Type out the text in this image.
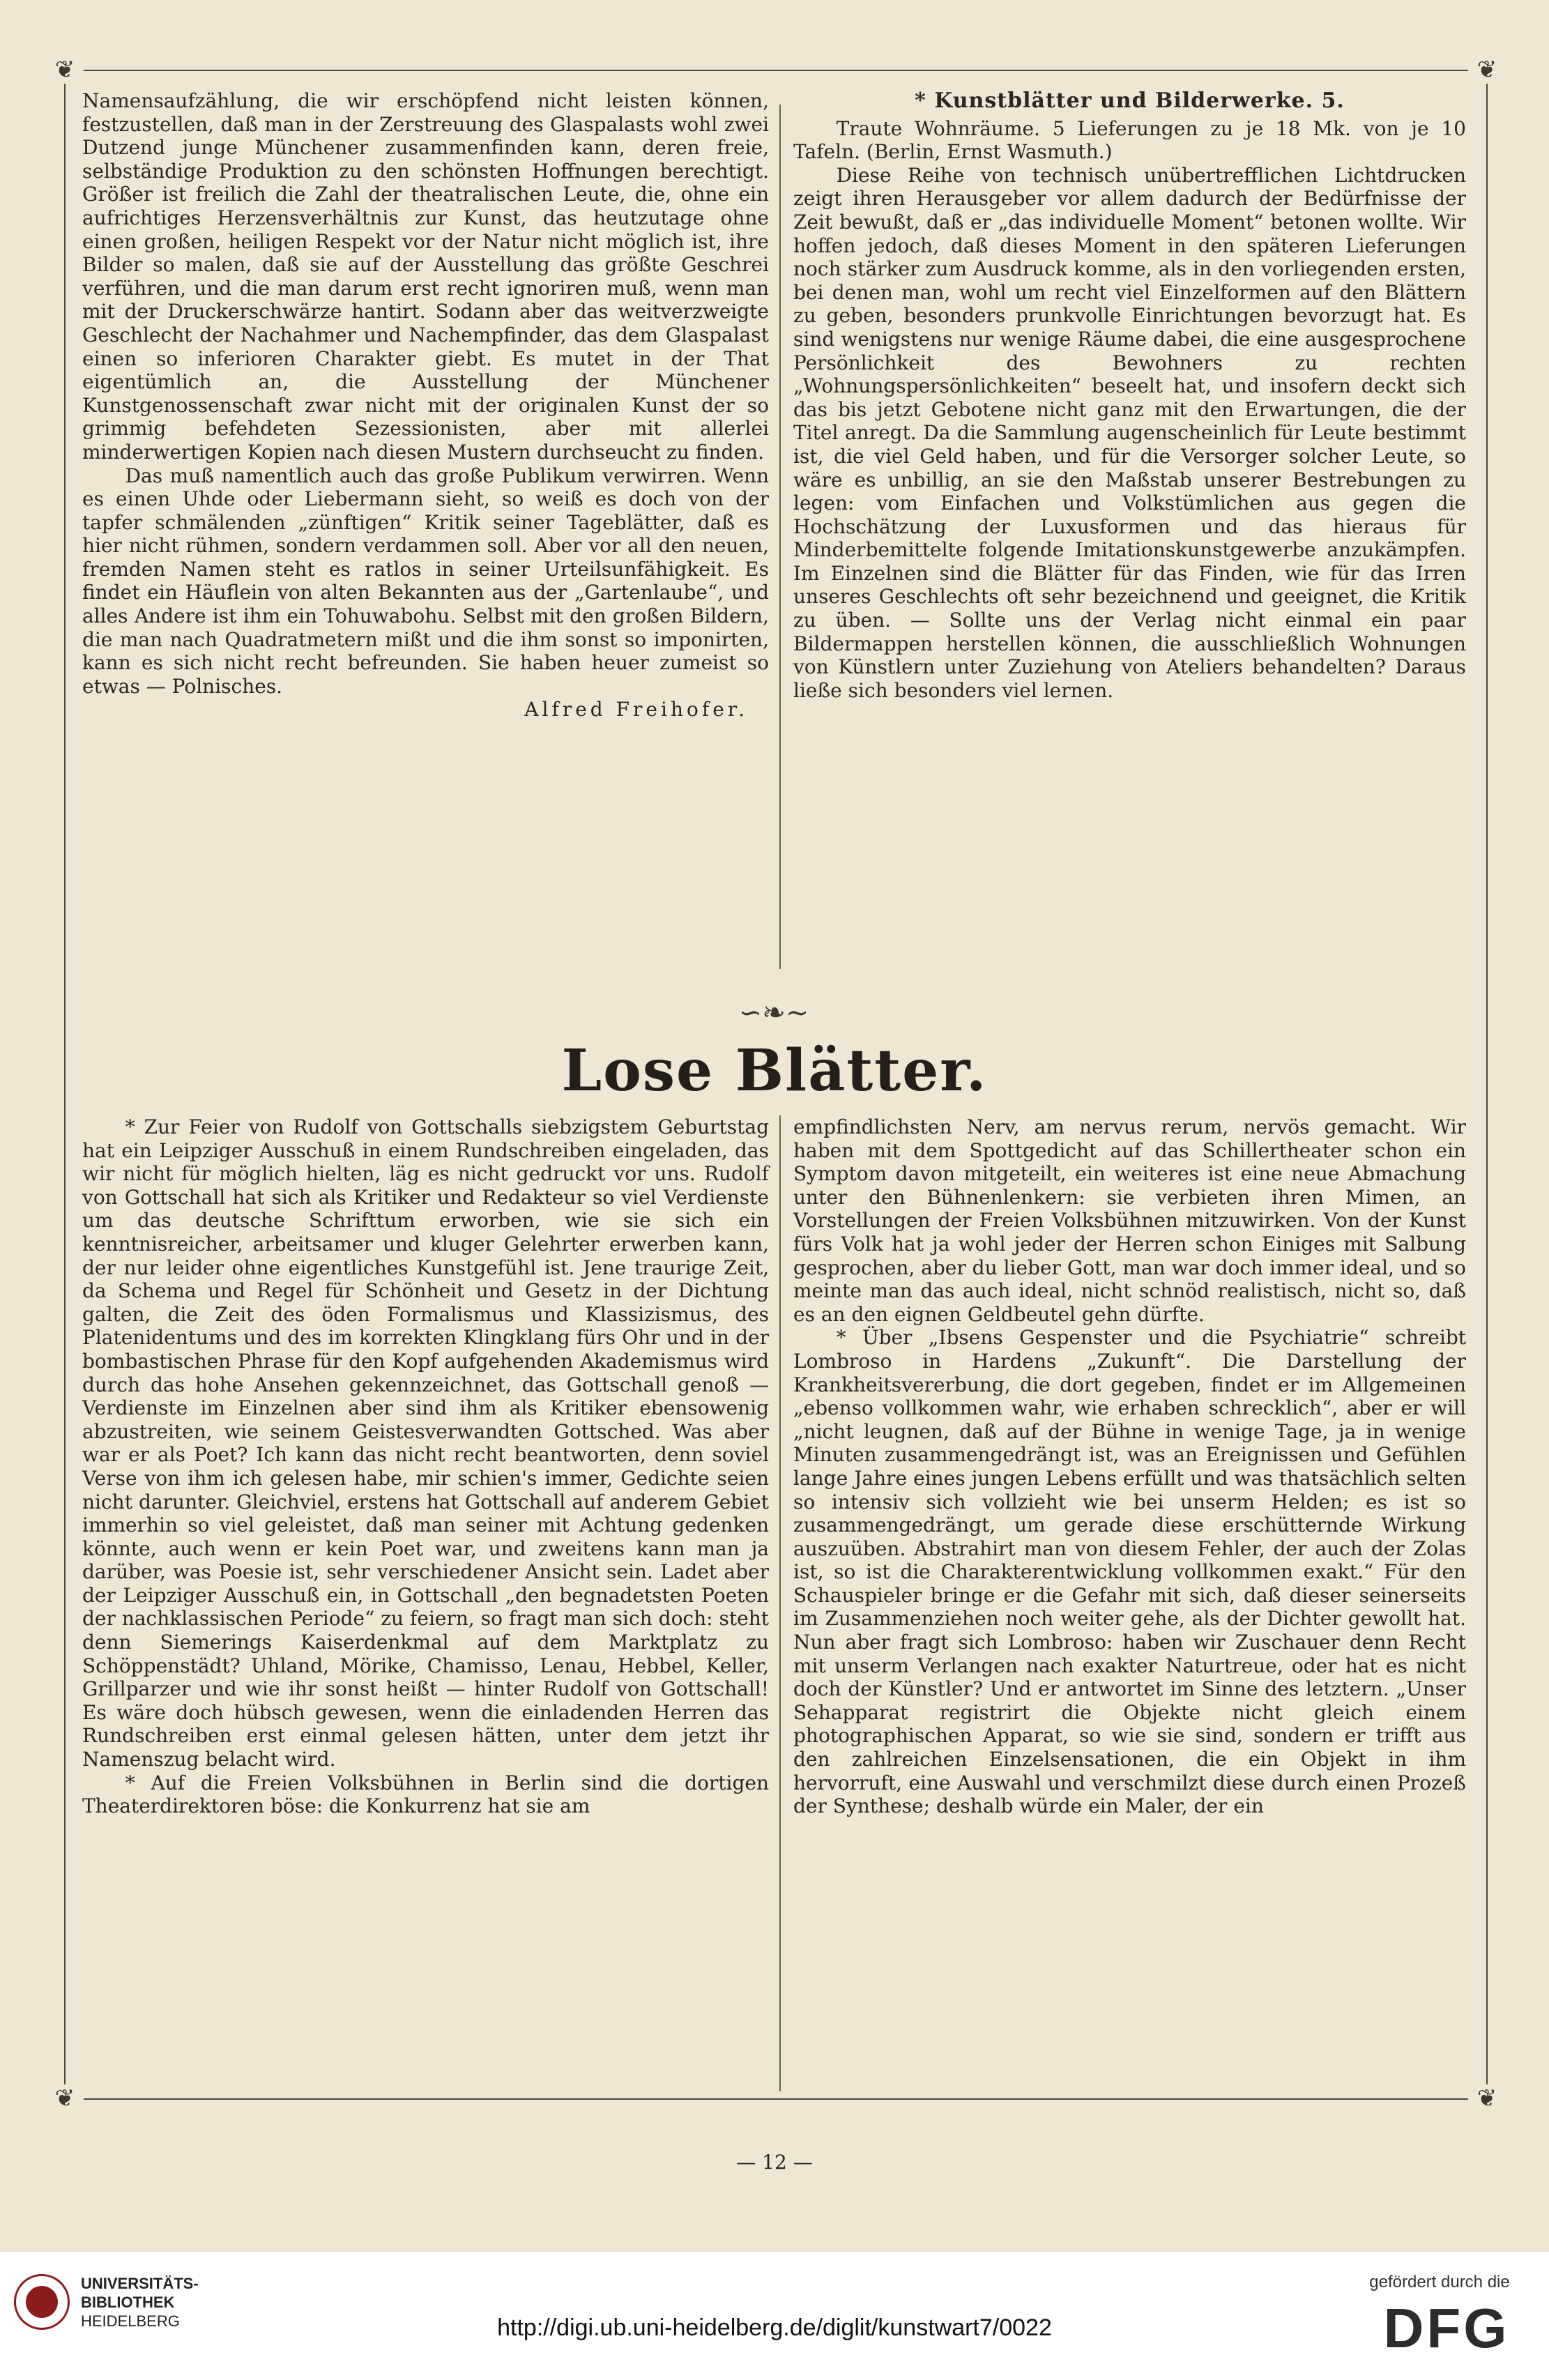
❦	❦
❦	❦

Namensaufzählung, die wir erschöpfend nicht leisten können, festzustellen, daß man in der Zerstreuung des Glaspalasts wohl zwei Dutzend junge Münchener zusammenfinden kann, deren freie, selbständige Produktion zu den schönsten Hoffnungen berechtigt. Größer ist freilich die Zahl der theatralischen Leute, die, ohne ein aufrichtiges Herzensverhältnis zur Kunst, das heutzutage ohne einen großen, heiligen Respekt vor der Natur nicht möglich ist, ihre Bilder so malen, daß sie auf der Ausstellung das größte Geschrei verführen, und die man darum erst recht ignoriren muß, wenn man mit der Druckerschwärze hantirt. Sodann aber das weitverzweigte Geschlecht der Nachahmer und Nachempfinder, das dem Glaspalast einen so inferioren Charakter giebt. Es mutet in der That eigentümlich an, die Ausstellung der Münchener Kunstgenossenschaft zwar nicht mit der originalen Kunst der so grimmig befehdeten Sezessionisten, aber mit allerlei minderwertigen Kopien nach diesen Mustern durchseucht zu finden.

Das muß namentlich auch das große Publikum verwirren. Wenn es einen Uhde oder Liebermann sieht, so weiß es doch von der tapfer schmälenden „zünftigen“ Kritik seiner Tageblätter, daß es hier nicht rühmen, sondern verdammen soll. Aber vor all den neuen, fremden Namen steht es ratlos in seiner Urteilsunfähigkeit. Es findet ein Häuflein von alten Bekannten aus der „Gartenlaube“, und alles Andere ist ihm ein Tohuwabohu. Selbst mit den großen Bildern, die man nach Quadratmetern mißt und die ihm sonst so imponirten, kann es sich nicht recht befreunden. Sie haben heuer zumeist so etwas — Polnisches.

Alfred Freihofer.

* Kunstblätter und Bilderwerke. 5.

Traute Wohnräume. 5 Lieferungen zu je 18 Mk. von je 10 Tafeln. (Berlin, Ernst Wasmuth.)

Diese Reihe von technisch unübertrefflichen Lichtdrucken zeigt ihren Herausgeber vor allem dadurch der Bedürfnisse der Zeit bewußt, daß er „das individuelle Moment“ betonen wollte. Wir hoffen jedoch, daß dieses Moment in den späteren Lieferungen noch stärker zum Ausdruck komme, als in den vorliegenden ersten, bei denen man, wohl um recht viel Einzelformen auf den Blättern zu geben, besonders prunkvolle Einrichtungen bevorzugt hat. Es sind wenigstens nur wenige Räume dabei, die eine ausgesprochene Persönlichkeit des Bewohners zu rechten „Wohnungspersönlichkeiten“ beseelt hat, und insofern deckt sich das bis jetzt Gebotene nicht ganz mit den Erwartungen, die der Titel anregt. Da die Sammlung augenscheinlich für Leute bestimmt ist, die viel Geld haben, und für die Versorger solcher Leute, so wäre es unbillig, an sie den Maßstab unserer Bestrebungen zu legen: vom Einfachen und Volkstümlichen aus gegen die Hochschätzung der Luxusformen und das hieraus für Minderbemittelte folgende Imitationskunstgewerbe anzukämpfen. Im Einzelnen sind die Blätter für das Finden, wie für das Irren unseres Geschlechts oft sehr bezeichnend und geeignet, die Kritik zu üben. — Sollte uns der Verlag nicht einmal ein paar Bildermappen herstellen können, die ausschließlich Wohnungen von Künstlern unter Zuziehung von Ateliers behandelten? Daraus ließe sich besonders viel lernen.

∽❧∼
Lose Blätter.

* Zur Feier von Rudolf von Gottschalls siebzigstem Geburtstag hat ein Leipziger Ausschuß in einem Rundschreiben eingeladen, das wir nicht für möglich hielten, läg es nicht gedruckt vor uns. Rudolf von Gottschall hat sich als Kritiker und Redakteur so viel Verdienste um das deutsche Schrifttum erworben, wie sie sich ein kenntnisreicher, arbeitsamer und kluger Gelehrter erwerben kann, der nur leider ohne eigentliches Kunstgefühl ist. Jene traurige Zeit, da Schema und Regel für Schönheit und Gesetz in der Dichtung galten, die Zeit des öden Formalismus und Klassizismus, des Platenidentums und des im korrekten Klingklang fürs Ohr und in der bombastischen Phrase für den Kopf aufgehenden Akademismus wird durch das hohe Ansehen gekennzeichnet, das Gottschall genoß — Verdienste im Einzelnen aber sind ihm als Kritiker ebensowenig abzustreiten, wie seinem Geistesverwandten Gottsched. Was aber war er als Poet? Ich kann das nicht recht beantworten, denn soviel Verse von ihm ich gelesen habe, mir schien's immer, Gedichte seien nicht darunter. Gleichviel, erstens hat Gottschall auf anderem Gebiet immerhin so viel geleistet, daß man seiner mit Achtung gedenken könnte, auch wenn er kein Poet war, und zweitens kann man ja darüber, was Poesie ist, sehr verschiedener Ansicht sein. Ladet aber der Leipziger Ausschuß ein, in Gottschall „den begnadetsten Poeten der nachklassischen Periode“ zu feiern, so fragt man sich doch: steht denn Siemerings Kaiserdenkmal auf dem Marktplatz zu Schöppenstädt? Uhland, Mörike, Chamisso, Lenau, Hebbel, Keller, Grillparzer und wie ihr sonst heißt — hinter Rudolf von Gottschall! Es wäre doch hübsch gewesen, wenn die einladenden Herren das Rundschreiben erst einmal gelesen hätten, unter dem jetzt ihr Namenszug belacht wird.

* Auf die Freien Volksbühnen in Berlin sind die dortigen Theaterdirektoren böse: die Konkurrenz hat sie am

empfindlichsten Nerv, am nervus rerum, nervös gemacht. Wir haben mit dem Spottgedicht auf das Schillertheater schon ein Symptom davon mitgeteilt, ein weiteres ist eine neue Abmachung unter den Bühnenlenkern: sie verbieten ihren Mimen, an Vorstellungen der Freien Volksbühnen mitzuwirken. Von der Kunst fürs Volk hat ja wohl jeder der Herren schon Einiges mit Salbung gesprochen, aber du lieber Gott, man war doch immer ideal, und so meinte man das auch ideal, nicht schnöd realistisch, nicht so, daß es an den eignen Geldbeutel gehn dürfte.

* Über „Ibsens Gespenster und die Psychiatrie“ schreibt Lombroso in Hardens „Zukunft“. Die Darstellung der Krankheitsvererbung, die dort gegeben, findet er im Allgemeinen „ebenso vollkommen wahr, wie erhaben schrecklich“, aber er will „nicht leugnen, daß auf der Bühne in wenige Tage, ja in wenige Minuten zusammengedrängt ist, was an Ereignissen und Gefühlen lange Jahre eines jungen Lebens erfüllt und was thatsächlich selten so intensiv sich vollzieht wie bei unserm Helden; es ist so zusammengedrängt, um gerade diese erschütternde Wirkung auszuüben. Abstrahirt man von diesem Fehler, der auch der Zolas ist, so ist die Charakterentwicklung vollkommen exakt.“ Für den Schauspieler bringe er die Gefahr mit sich, daß dieser seinerseits im Zusammenziehen noch weiter gehe, als der Dichter gewollt hat. Nun aber fragt sich Lombroso: haben wir Zuschauer denn Recht mit unserm Verlangen nach exakter Naturtreue, oder hat es nicht doch der Künstler? Und er antwortet im Sinne des letztern. „Unser Sehapparat registrirt die Objekte nicht gleich einem photographischen Apparat, so wie sie sind, sondern er trifft aus den zahlreichen Einzelsensationen, die ein Objekt in ihm hervorruft, eine Auswahl und verschmilzt diese durch einen Prozeß der Synthese; deshalb würde ein Maler, der ein

— 12 —
UNIVERSITÄTS-
BIBLIOTHEK
HEIDELBERG	http://digi.ub.uni-heidelberg.de/diglit/kunstwart7/0022
gefördert durch die
DFG
